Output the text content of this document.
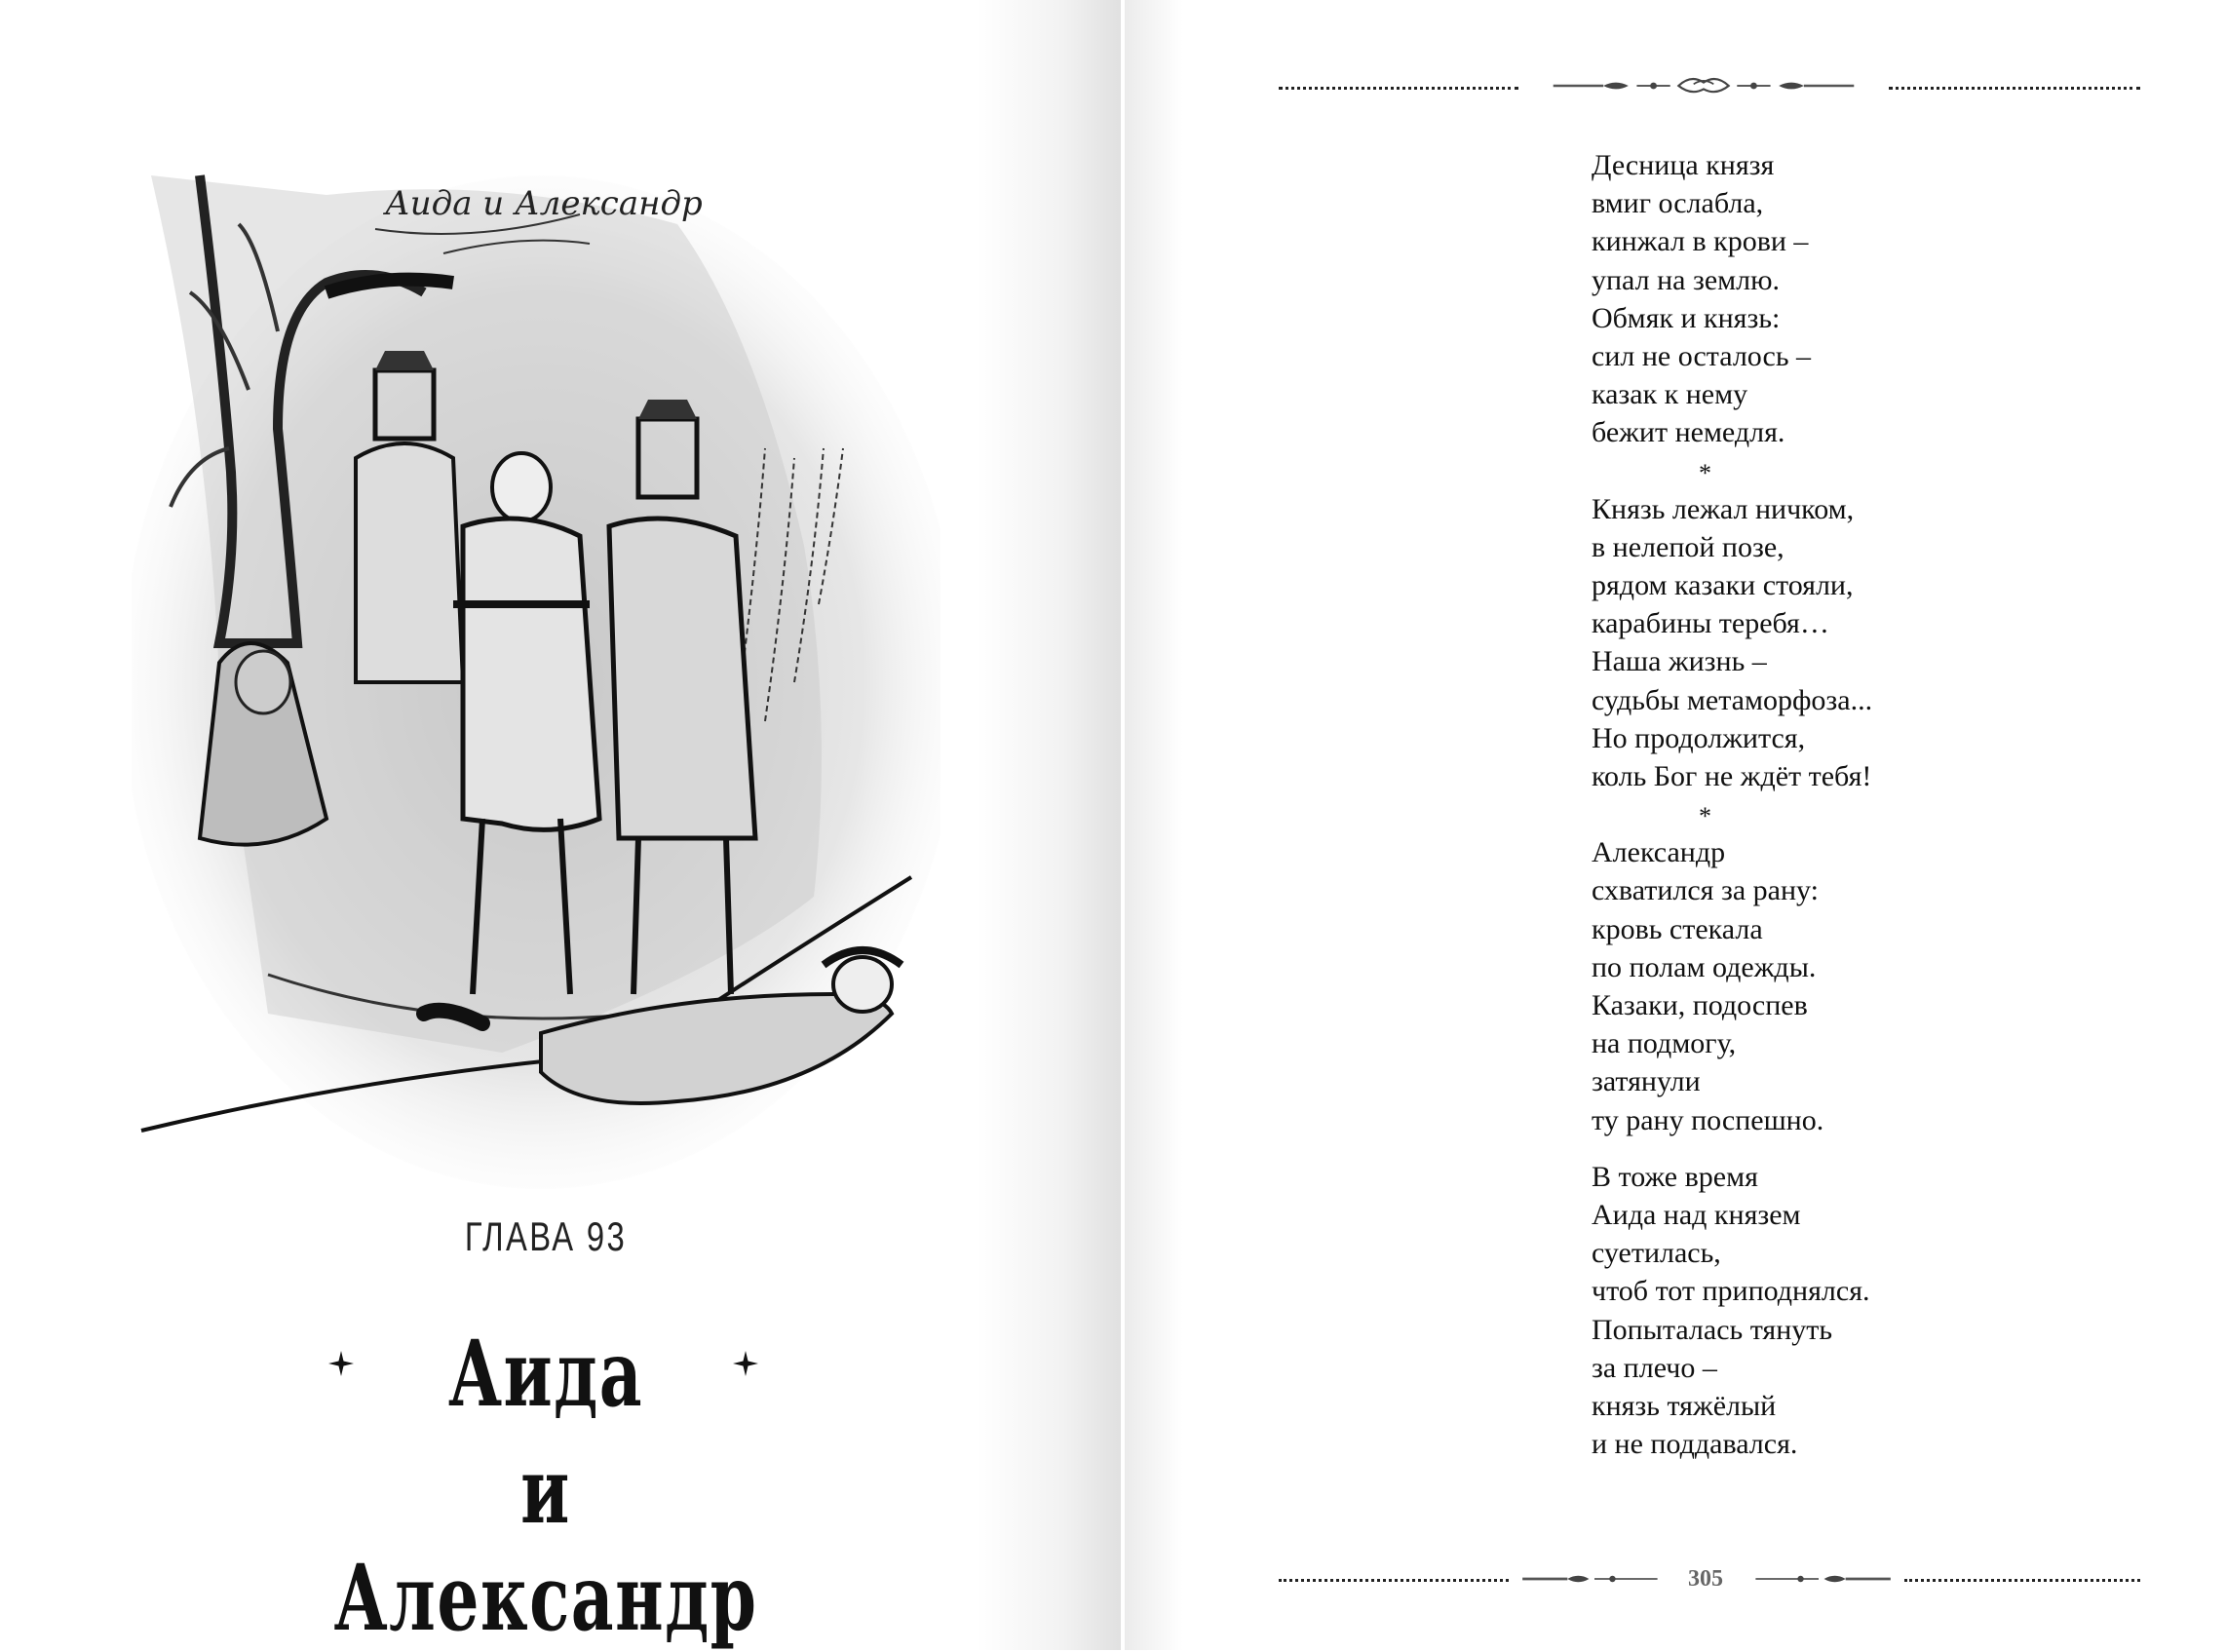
Аида и Александр
ГЛАВА 93
Аида
и Александр
Десница князя
вмиг ослабла,
кинжал в крови –
упал на землю.
Обмяк и князь:
сил не осталось –
казак к нему
бежит немедля.
*
Князь лежал ничком,
в нелепой позе,
рядом казаки стояли,
карабины теребя…
Наша жизнь –
судьбы метаморфоза...
Но продолжится,
коль Бог не ждёт тебя!
*
Александр
схватился за рану:
кровь стекала
по полам одежды.
Казаки, подоспев
на подмогу,
затянули
ту рану поспешно.
В тоже время
Аида над князем
суетилась,
чтоб тот приподнялся.
Попыталась тянуть
за плечо –
князь тяжёлый
и не поддавался.
305
